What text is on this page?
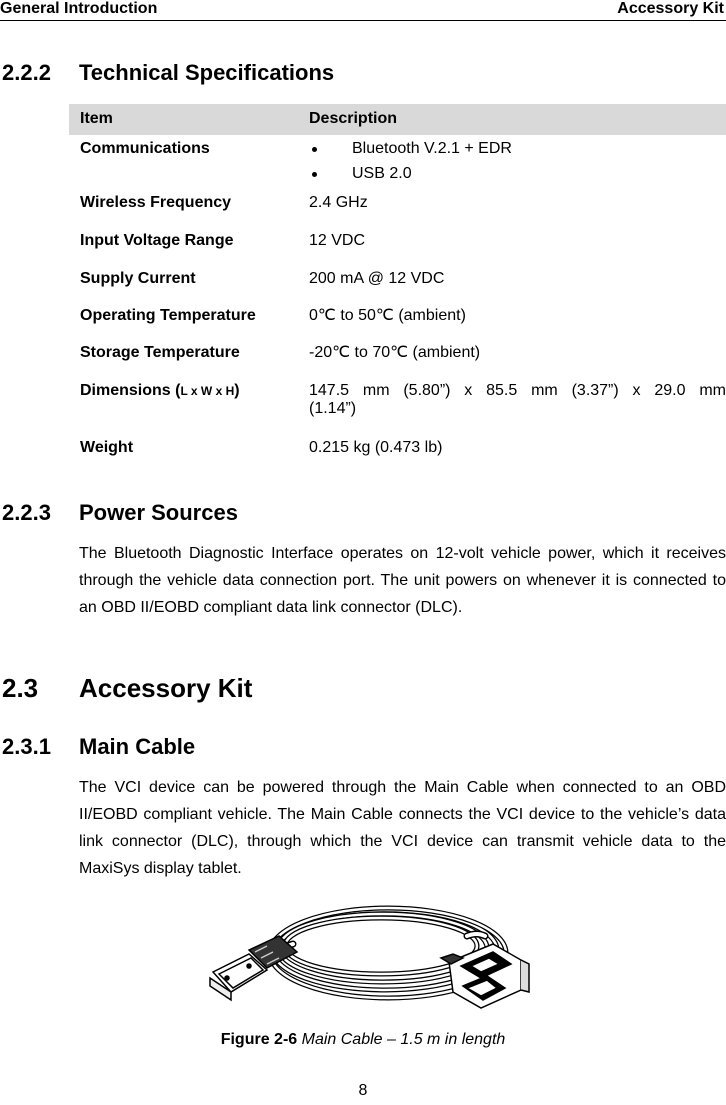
General Introduction	Accessory Kit
2.2.2 Technical Specifications
Item	Description
Communications	Bluetooth V.2.1 + EDR
USB 2.0
Wireless Frequency	2.4 GHz
Input Voltage Range	12 VDC
Supply Current	200 mA @ 12 VDC
Operating Temperature	0℃ to 50℃ (ambient)
Storage Temperature	-20℃ to 70℃ (ambient)
Dimensions (L x W x H)	147.5 mm (5.80”) x 85.5 mm (3.37”) x 29.0 mm
(1.14”)
Weight	0.215 kg (0.473 lb)
2.2.3 Power Sources
The Bluetooth Diagnostic Interface operates on 12-volt vehicle power, which it receives through the vehicle data connection port. The unit powers on whenever it is connected to an OBD II/EOBD compliant data link connector (DLC).
2.3 Accessory Kit
2.3.1 Main Cable
The VCI device can be powered through the Main Cable when connected to an OBD II/EOBD compliant vehicle. The Main Cable connects the VCI device to the vehicle’s data link connector (DLC), through which the VCI device can transmit vehicle data to the MaxiSys display tablet.
Figure 2-6 Main Cable – 1.5 m in length
8
